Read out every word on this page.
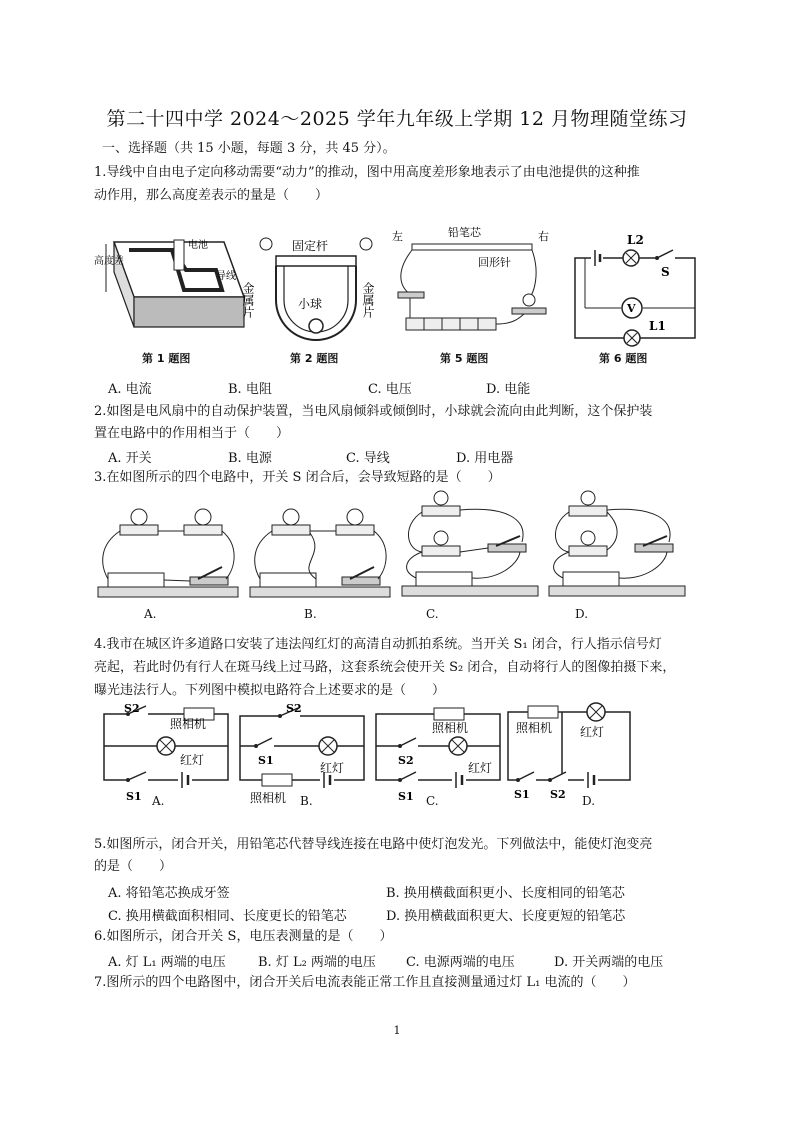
第二十四中学 2024～2025 学年九年级上学期 12 月物理随堂练习
一、选择题（共 15 小题，每题 3 分，共 45 分）。
1.导线中自由电子定向移动需要“动力”的推动，图中用高度差形象地表示了由电池提供的这种推
动作用，那么高度差表示的量是（　　）
高度差
电池
导线
第 1 题图
固定杆
小球
金属片	金属片
第 2 题图
左	铅笔芯	右
回形针
第 5 题图
L2
S
V
L1
第 6 题图
A. 电流	B. 电阻	C. 电压	D. 电能
2.如图是电风扇中的自动保护装置，当电风扇倾斜或倾倒时，小球就会流向由此判断，这个保护装
置在电路中的作用相当于（　　）
A. 开关	B. 电源	C. 导线	D. 用电器
3.在如图所示的四个电路中，开关 S 闭合后，会导致短路的是（　　）
A.	B.	C.	D.
4.我市在城区许多道路口安装了违法闯红灯的高清自动抓拍系统。当开关 S₁ 闭合，行人指示信号灯
亮起，若此时仍有行人在斑马线上过马路，这套系统会使开关 S₂ 闭合，自动将行人的图像拍摄下来，
曝光违法行人。下列图中模拟电路符合上述要求的是（　　）
S2
照相机
红灯
S1 A.
S2
S1
红灯
照相机 B.
照相机
S2
红灯
S1 C.
照相机 红灯
S1 S2 D.
5.如图所示，闭合开关，用铅笔芯代替导线连接在电路中使灯泡发光。下列做法中，能使灯泡变亮
的是（　　）
A. 将铅笔芯换成牙签	B. 换用横截面积更小、长度相同的铅笔芯
C. 换用横截面积相同、长度更长的铅笔芯	D. 换用横截面积更大、长度更短的铅笔芯
6.如图所示，闭合开关 S，电压表测量的是（　　）
A. 灯 L₁ 两端的电压 B. 灯 L₂ 两端的电压 C. 电源两端的电压	D. 开关两端的电压
7.图所示的四个电路图中，闭合开关后电流表能正常工作且直接测量通过灯 L₁ 电流的（　　）
1
